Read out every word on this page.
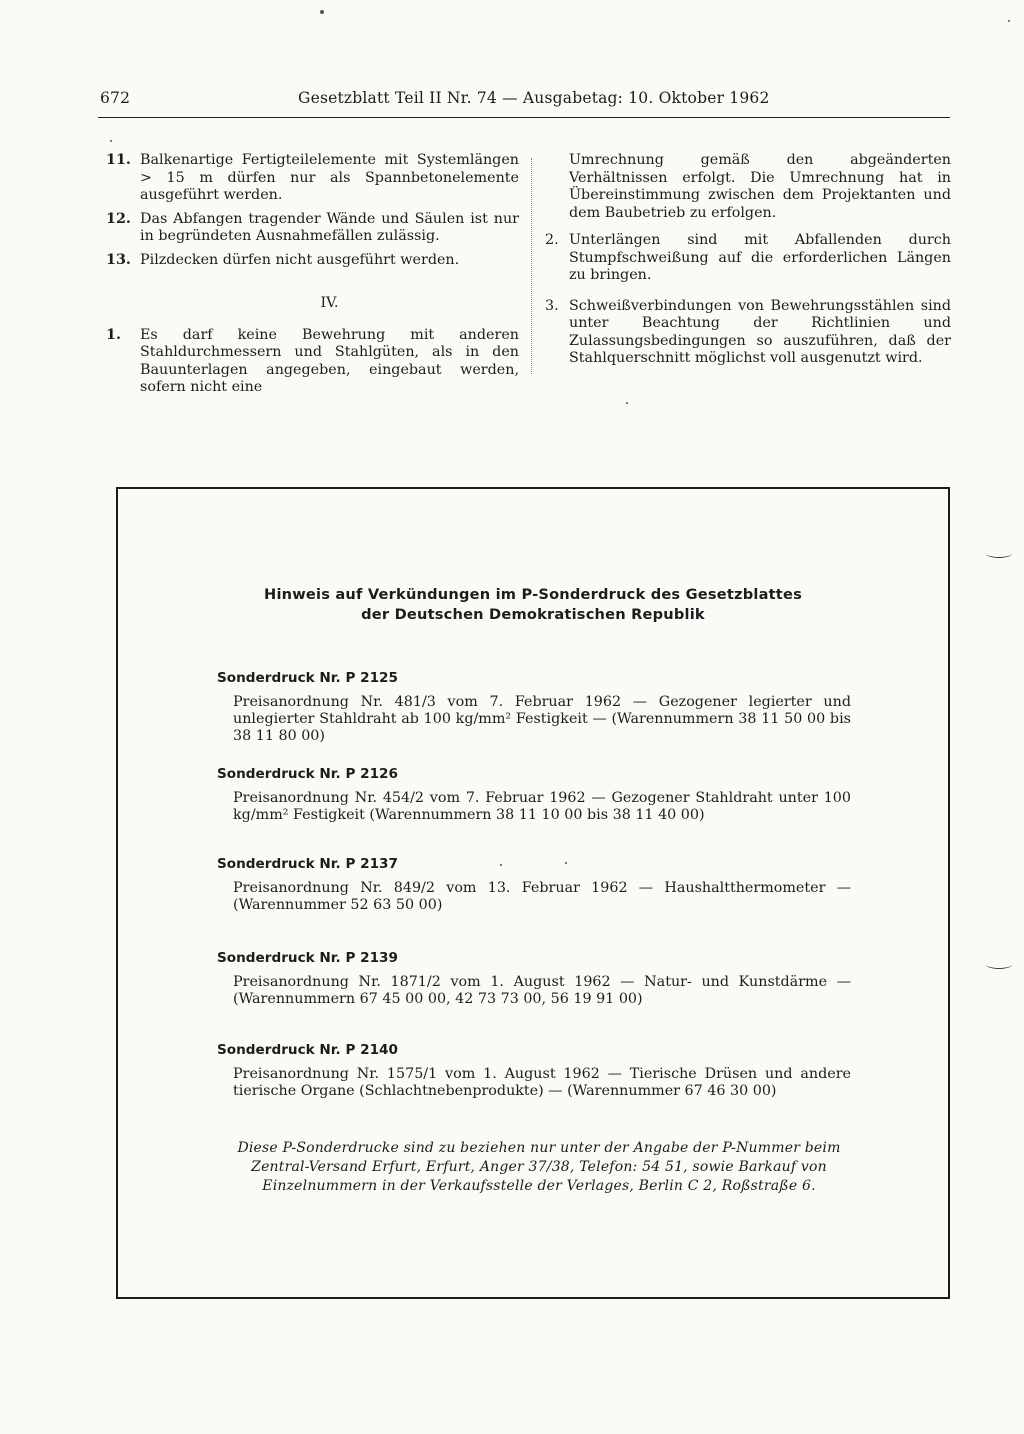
672	Gesetzblatt Teil II Nr. 74 — Ausgabetag: 10. Oktober 1962
11. Balkenartige Fertigteilelemente mit Systemlängen > 15 m dürfen nur als Spannbetonelemente ausgeführt werden.
12. Das Abfangen tragender Wände und Säulen ist nur in begründeten Ausnahmefällen zulässig.
13. Pilzdecken dürfen nicht ausgeführt werden.
IV.
1. Es darf keine Bewehrung mit anderen Stahldurchmessern und Stahlgüten, als in den Bauunterlagen angegeben, eingebaut werden, sofern nicht eine
Umrechnung gemäß den abgeänderten Verhältnissen erfolgt. Die Umrechnung hat in Übereinstimmung zwischen dem Projektanten und dem Baubetrieb zu erfolgen.
2. Unterlängen sind mit Abfallenden durch Stumpfschweißung auf die erforderlichen Längen zu bringen.
3. Schweißverbindungen von Bewehrungsstählen sind unter Beachtung der Richtlinien und Zulassungsbedingungen so auszuführen, daß der Stahlquerschnitt möglichst voll ausgenutzt wird.
Hinweis auf Verkündungen im P-Sonderdruck des Gesetzblattes
der Deutschen Demokratischen Republik
Sonderdruck Nr. P 2125
Preisanordnung Nr. 481/3 vom 7. Februar 1962 — Gezogener legierter und unlegierter Stahldraht ab 100 kg/mm² Festigkeit — (Warennummern 38 11 50 00 bis 38 11 80 00)
Sonderdruck Nr. P 2126
Preisanordnung Nr. 454/2 vom 7. Februar 1962 — Gezogener Stahldraht unter 100 kg/mm² Festigkeit (Warennummern 38 11 10 00 bis 38 11 40 00)
Sonderdruck Nr. P 2137
Preisanordnung Nr. 849/2 vom 13. Februar 1962 — Haushaltthermometer — (Warennummer 52 63 50 00)
Sonderdruck Nr. P 2139
Preisanordnung Nr. 1871/2 vom 1. August 1962 — Natur- und Kunstdärme — (Warennummern 67 45 00 00, 42 73 73 00, 56 19 91 00)
Sonderdruck Nr. P 2140
Preisanordnung Nr. 1575/1 vom 1. August 1962 — Tierische Drüsen und andere tierische Organe (Schlachtnebenprodukte) — (Warennummer 67 46 30 00)
Diese P-Sonderdrucke sind zu beziehen nur unter der Angabe der P-Nummer beim Zentral-Versand Erfurt, Erfurt, Anger 37/38, Telefon: 54 51, sowie Barkauf von Einzelnummern in der Verkaufsstelle der Verlages, Berlin C 2, Roßstraße 6.
